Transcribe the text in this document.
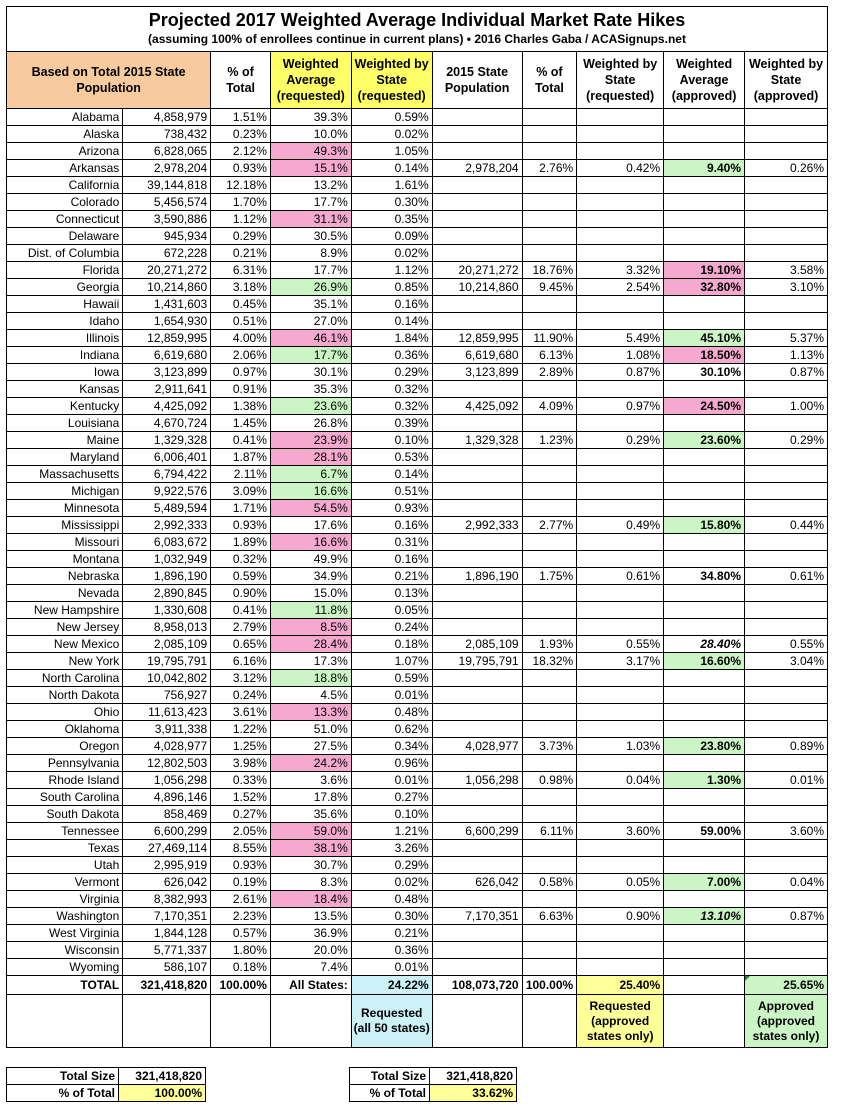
Projected 2017 Weighted Average Individual Market Rate Hikes
(assuming 100% of enrollees continue in current plans) • 2016 Charles Gaba / ACASignups.net
Based on Total 2015 State Population		% of Total	Weighted Average (requested)	Weighted by State (requested)	2015 State Population	% of Total	Weighted by State (requested)	Weighted Average (approved)	Weighted by State (approved)
Alabama	4,858,979	1.51%	39.3%	0.59%					
Alaska	738,432	0.23%	10.0%	0.02%					
Arizona	6,828,065	2.12%	49.3%	1.05%					
Arkansas	2,978,204	0.93%	15.1%	0.14%	2,978,204	2.76%	0.42%	9.40%	0.26%
California	39,144,818	12.18%	13.2%	1.61%					
Colorado	5,456,574	1.70%	17.7%	0.30%					
Connecticut	3,590,886	1.12%	31.1%	0.35%					
Delaware	945,934	0.29%	30.5%	0.09%					
Dist. of Columbia	672,228	0.21%	8.9%	0.02%					
Florida	20,271,272	6.31%	17.7%	1.12%	20,271,272	18.76%	3.32%	19.10%	3.58%
Georgia	10,214,860	3.18%	26.9%	0.85%	10,214,860	9.45%	2.54%	32.80%	3.10%
Hawaii	1,431,603	0.45%	35.1%	0.16%					
Idaho	1,654,930	0.51%	27.0%	0.14%					
Illinois	12,859,995	4.00%	46.1%	1.84%	12,859,995	11.90%	5.49%	45.10%	5.37%
Indiana	6,619,680	2.06%	17.7%	0.36%	6,619,680	6.13%	1.08%	18.50%	1.13%
Iowa	3,123,899	0.97%	30.1%	0.29%	3,123,899	2.89%	0.87%	30.10%	0.87%
Kansas	2,911,641	0.91%	35.3%	0.32%					
Kentucky	4,425,092	1.38%	23.6%	0.32%	4,425,092	4.09%	0.97%	24.50%	1.00%
Louisiana	4,670,724	1.45%	26.8%	0.39%					
Maine	1,329,328	0.41%	23.9%	0.10%	1,329,328	1.23%	0.29%	23.60%	0.29%
Maryland	6,006,401	1.87%	28.1%	0.53%					
Massachusetts	6,794,422	2.11%	6.7%	0.14%					
Michigan	9,922,576	3.09%	16.6%	0.51%					
Minnesota	5,489,594	1.71%	54.5%	0.93%					
Mississippi	2,992,333	0.93%	17.6%	0.16%	2,992,333	2.77%	0.49%	15.80%	0.44%
Missouri	6,083,672	1.89%	16.6%	0.31%					
Montana	1,032,949	0.32%	49.9%	0.16%					
Nebraska	1,896,190	0.59%	34.9%	0.21%	1,896,190	1.75%	0.61%	34.80%	0.61%
Nevada	2,890,845	0.90%	15.0%	0.13%					
New Hampshire	1,330,608	0.41%	11.8%	0.05%					
New Jersey	8,958,013	2.79%	8.5%	0.24%					
New Mexico	2,085,109	0.65%	28.4%	0.18%	2,085,109	1.93%	0.55%	28.40%	0.55%
New York	19,795,791	6.16%	17.3%	1.07%	19,795,791	18.32%	3.17%	16.60%	3.04%
North Carolina	10,042,802	3.12%	18.8%	0.59%					
North Dakota	756,927	0.24%	4.5%	0.01%					
Ohio	11,613,423	3.61%	13.3%	0.48%					
Oklahoma	3,911,338	1.22%	51.0%	0.62%					
Oregon	4,028,977	1.25%	27.5%	0.34%	4,028,977	3.73%	1.03%	23.80%	0.89%
Pennsylvania	12,802,503	3.98%	24.2%	0.96%					
Rhode Island	1,056,298	0.33%	3.6%	0.01%	1,056,298	0.98%	0.04%	1.30%	0.01%
South Carolina	4,896,146	1.52%	17.8%	0.27%					
South Dakota	858,469	0.27%	35.6%	0.10%					
Tennessee	6,600,299	2.05%	59.0%	1.21%	6,600,299	6.11%	3.60%	59.00%	3.60%
Texas	27,469,114	8.55%	38.1%	3.26%					
Utah	2,995,919	0.93%	30.7%	0.29%					
Vermont	626,042	0.19%	8.3%	0.02%	626,042	0.58%	0.05%	7.00%	0.04%
Virginia	8,382,993	2.61%	18.4%	0.48%					
Washington	7,170,351	2.23%	13.5%	0.30%	7,170,351	6.63%	0.90%	13.10%	0.87%
West Virginia	1,844,128	0.57%	36.9%	0.21%					
Wisconsin	5,771,337	1.80%	20.0%	0.36%					
Wyoming	586,107	0.18%	7.4%	0.01%					
TOTAL	321,418,820	100.00%	All States:	24.22%	108,073,720	100.00%	25.40%		25.65%
				Requested (all 50 states)			Requested (approved states only)		Approved (approved states only)
Total Size	321,418,820
% of Total	100.00%
Total Size	321,418,820
% of Total	33.62%
